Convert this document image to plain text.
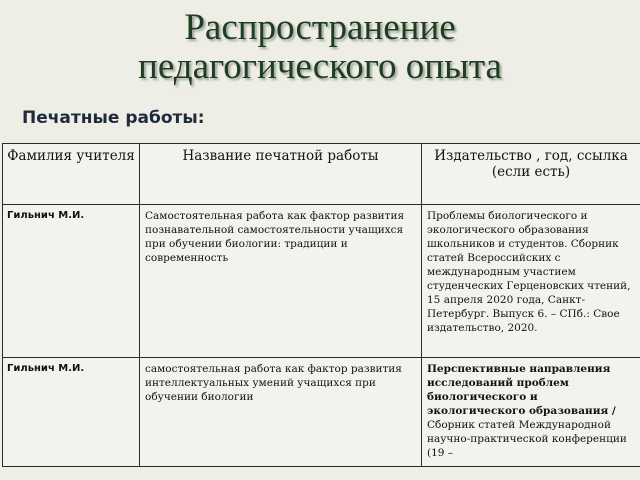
Распространение
педагогического опыта
Печатные работы:
Фамилия учителя	Название печатной работы	Издательство , год, ссылка (если есть)
Гильнич М.И.	Самостоятельная работа как фактор развития познавательной самостоятельности учащихся при обучении биологии: традиции и современность	Проблемы биологического и экологического образования школьников и студентов. Сборник статей Всероссийских с международным участием студенческих Герценовских чтений, 15 апреля 2020 года, Санкт-Петербург. Выпуск 6. – СПб.: Свое издательство, 2020.
Гильнич М.И.	самостоятельная работа как фактор развития интеллектуальных умений учащихся при обучении биологии	Перспективные направления исследований проблем биологического и экологического образования / Сборник статей Международной научно-практической конференции (19 –
